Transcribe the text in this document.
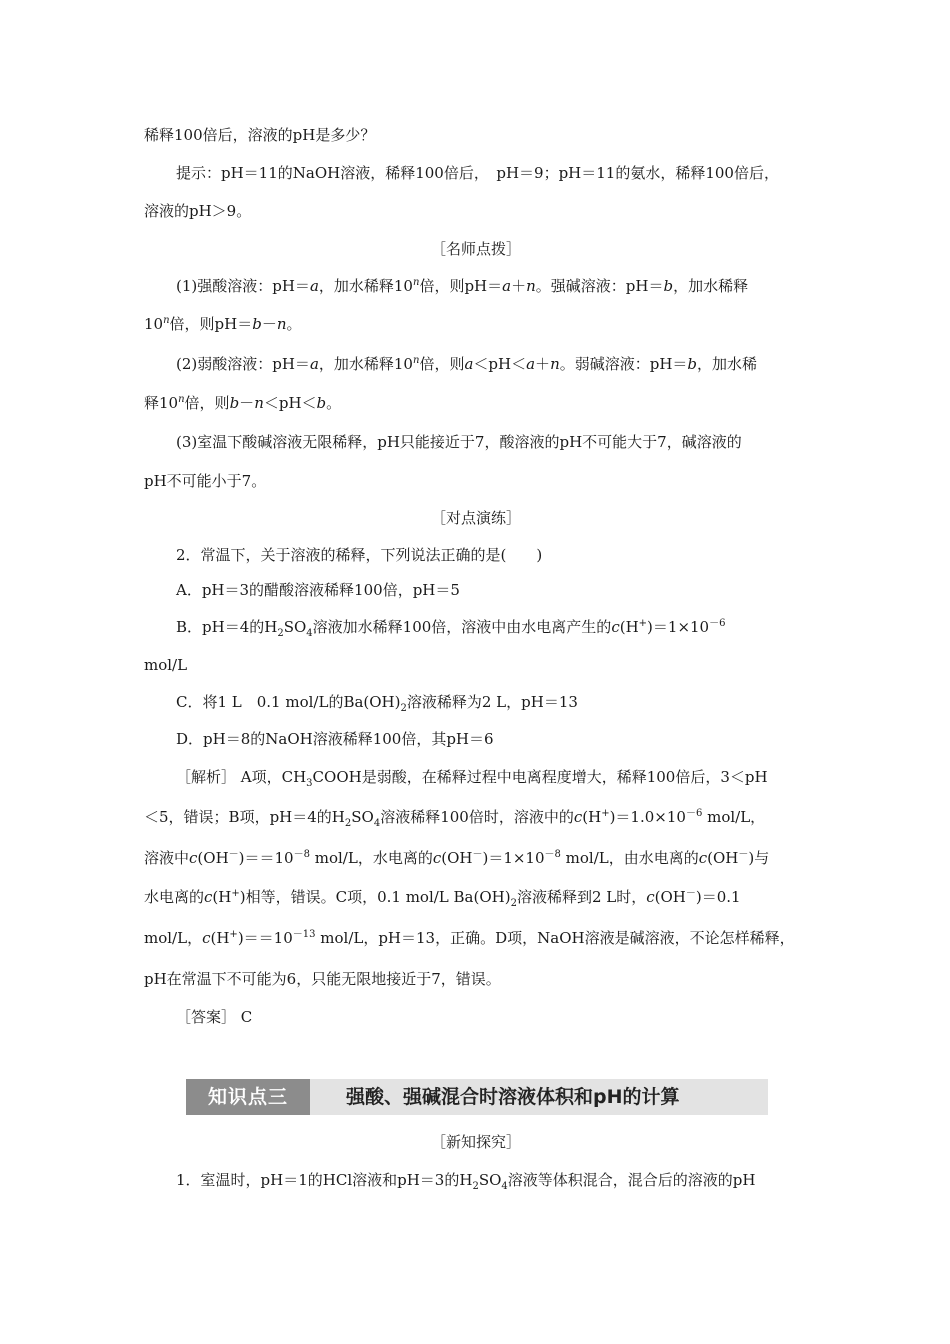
稀释100倍后，溶液的pH是多少？
提示：pH＝11的NaOH溶液，稀释100倍后，　pH＝9；pH＝11的氨水，稀释100倍后，
溶液的pH＞9。
［名师点拨］
(1)强酸溶液：pH＝a，加水稀释10$^n$倍，则pH＝a＋n。强碱溶液：pH＝b，加水稀释
10$^n$倍，则pH＝b－n。
(2)弱酸溶液：pH＝a，加水稀释10$^n$倍，则a＜pH＜a＋n。弱碱溶液：pH＝b，加水稀
释10$^n$倍，则b－n＜pH＜b。
(3)室温下酸碱溶液无限稀释，pH只能接近于7，酸溶液的pH不可能大于7，碱溶液的
pH不可能小于7。
［对点演练］
2．常温下，关于溶液的稀释，下列说法正确的是(　　)
A．pH＝3的醋酸溶液稀释100倍，pH＝5
B．pH＝4的$H_2SO_4$溶液加水稀释100倍，溶液中由水电离产生的$c(H^+)=1\times 10^{-6}$
mol/L
C．将1 L　0.1 mol/L的$Ba(OH)_2$溶液稀释为2 L，pH＝13
D．pH＝8的NaOH溶液稀释100倍，其pH＝6
［解析］ A项，$CH_3COOH$是弱酸，在稀释过程中电离程度增大，稀释100倍后，3＜pH
＜5，错误；B项，pH＝4的$H_2SO_4$溶液稀释100倍时，溶液中的$c(H^+)=1.0\times 10^{-6}$ mol/L，
溶液中$c(OH^-)==10^{-8}$ mol/L，水电离的$c(OH^-)=1\times 10^{-8}$ mol/L，由水电离的c(OH－)与
水电离的c(H+)相等，错误。C项，0.1 mol/L $Ba(OH)_2$溶液稀释到2 L时，c(OH－)＝0.1
mol/L，$c(H^+)==10^{-13}$ mol/L，pH＝13，正确。D项，NaOH溶液是碱溶液，不论怎样稀释，
pH在常温下不可能为6，只能无限地接近于7，错误。
［答案］ C
知识点三	强酸、强碱混合时溶液体积和pH的计算
［新知探究］
1．室温时，pH＝1的HCl溶液和pH＝3的$H_2SO_4$溶液等体积混合，混合后的溶液的pH
